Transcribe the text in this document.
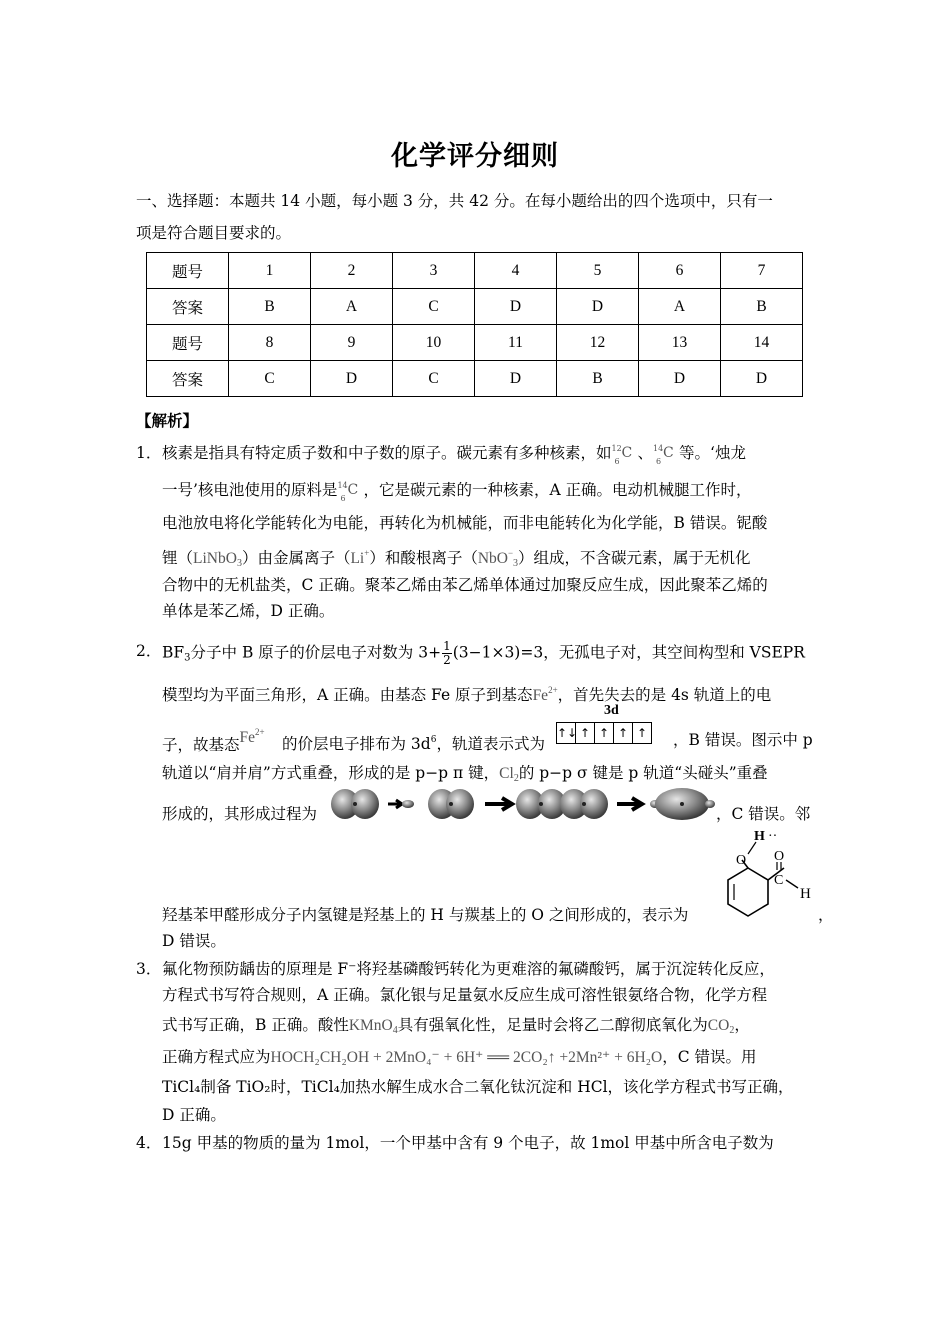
化学评分细则
一、选择题：本题共 14 小题，每小题 3 分，共 42 分。在每小题给出的四个选项中，只有一
项是符合题目要求的。
题号	1	2	3	4	5	6	7
答案	B	A	C	D	D	A	B
题号	8	9	10	11	12	13	14
答案	C	D	C	D	B	D	D
【解析】
1． 核素是指具有特定质子数和中子数的原子。碳元素有多种核素，如 12
6
C 、 14
6
C 等。‘烛龙
一号’核电池使用的原料是 14
6
C ，它是碳元素的一种核素，A 正确。电动机械腿工作时，
电池放电将化学能转化为电能，再转化为机械能，而非电能转化为化学能，B 错误。铌酸
锂（LiNbO$_3$）由金属离子（Li+）和酸根离子（NbO−$_3$）组成，不含碳元素，属于无机化
合物中的无机盐类，C 正确。聚苯乙烯由苯乙烯单体通过加聚反应生成，因此聚苯乙烯的
单体是苯乙烯，D 正确。
2． $BF_3$分子中 B 原子的价层电子对数为 $3+ \frac{1}{2} (3-1\times 3)=3$，无孤电子对，其空间构型和 VSEPR
模型均为平面三角形，A 正确。由基态 Fe 原子到基态$Fe^{2+}$，首先失去的是 4s 轨道上的电
3d
↑↓ ↑ ↑ ↑ ↑
子，故基态$Fe^{2+}$
的价层电子排布为 $3d^6$，轨道表示式为	，B 错误。图示中 p
轨道以“肩并肩”方式重叠，形成的是 p−p π 键，$Cl_2$的 p−p σ 键是 p 轨道“头碰头”重叠
形成的，其形成过程为	，C 错误。邻
O
H ··
O
C
H
羟基苯甲醛形成分子内氢键是羟基上的 H 与羰基上的 O 之间形成的，表示为	，
D 错误。
3． 氟化物预防龋齿的原理是 F⁻将羟基磷酸钙转化为更难溶的氟磷酸钙，属于沉淀转化反应，
方程式书写符合规则，A 正确。氯化银与足量氨水反应生成可溶性银氨络合物，化学方程
式书写正确，B 正确。酸性KMnO$_4$具有强氧化性，足量时会将乙二醇彻底氧化为$CO_2$，
正确方程式应为HOCH₂CH₂OH + 2MnO₄⁻ + 6H⁺ ══ 2CO₂↑ +2Mn²⁺ + 6H₂O，C 错误。用
TiCl₄制备 TiO₂时，TiCl₄加热水解生成水合二氧化钛沉淀和 HCl，该化学方程式书写正确，
D 正确。
4． 15g 甲基的物质的量为 1mol，一个甲基中含有 9 个电子，故 1mol 甲基中所含电子数为
